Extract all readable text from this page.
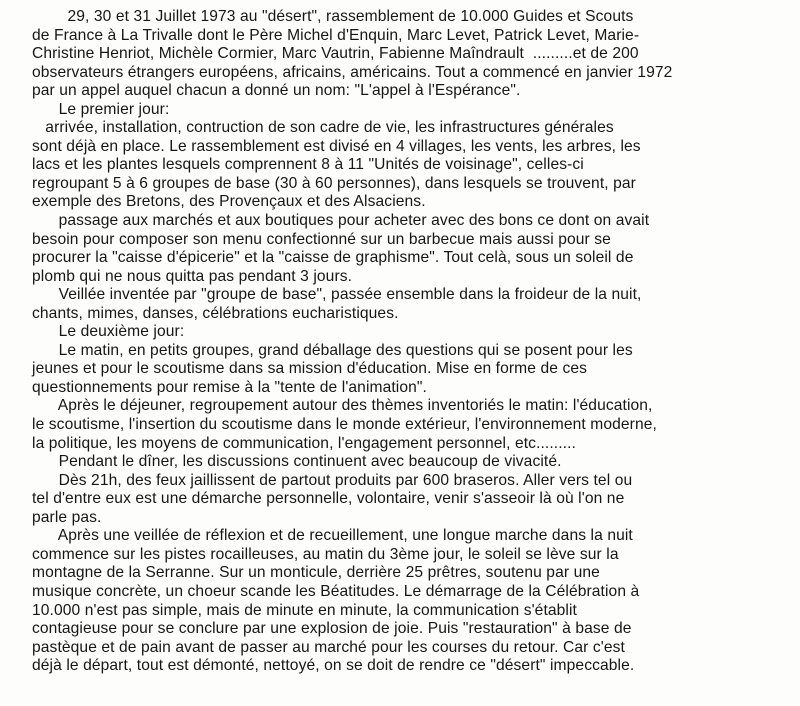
29, 30 et 31 Juillet 1973 au "désert", rassemblement de 10.000 Guides et Scouts
de France à La Trivalle dont le Père Michel d'Enquin, Marc Levet, Patrick Levet, Marie-
Christine Henriot, Michèle Cormier, Marc Vautrin, Fabienne Maîndrault  .........et de 200
observateurs étrangers européens, africains, américains. Tout a commencé en janvier 1972
par un appel auquel chacun a donné un nom: "L'appel à l'Espérance".
Le premier jour:
arrivée, installation, contruction de son cadre de vie, les infrastructures générales
sont déjà en place. Le rassemblement est divisé en 4 villages, les vents, les arbres, les
lacs et les plantes lesquels comprennent 8 à 11 "Unités de voisinage", celles-ci
regroupant 5 à 6 groupes de base (30 à 60 personnes), dans lesquels se trouvent, par
exemple des Bretons, des Provençaux et des Alsaciens.
passage aux marchés et aux boutiques pour acheter avec des bons ce dont on avait
besoin pour composer son menu confectionné sur un barbecue mais aussi pour se
procurer la "caisse d'épicerie" et la "caisse de graphisme". Tout celà, sous un soleil de
plomb qui ne nous quitta pas pendant 3 jours.
Veillée inventée par "groupe de base", passée ensemble dans la froideur de la nuit,
chants, mimes, danses, célébrations eucharistiques.
Le deuxième jour:
Le matin, en petits groupes, grand déballage des questions qui se posent pour les
jeunes et pour le scoutisme dans sa mission d'éducation. Mise en forme de ces
questionnements pour remise à la "tente de l'animation".
Après le déjeuner, regroupement autour des thèmes inventoriés le matin: l'éducation,
le scoutisme, l'insertion du scoutisme dans le monde extérieur, l'environnement moderne,
la politique, les moyens de communication, l'engagement personnel, etc.........
Pendant le dîner, les discussions continuent avec beaucoup de vivacité.
Dès 21h, des feux jaillissent de partout produits par 600 braseros. Aller vers tel ou
tel d'entre eux est une démarche personnelle, volontaire, venir s'asseoir là où l'on ne
parle pas.
Après une veillée de réflexion et de recueillement, une longue marche dans la nuit
commence sur les pistes rocailleuses, au matin du 3ème jour, le soleil se lève sur la
montagne de la Serranne. Sur un monticule, derrière 25 prêtres, soutenu par une
musique concrète, un choeur scande les Béatitudes. Le démarrage de la Célébration à
10.000 n'est pas simple, mais de minute en minute, la communication s'établit
contagieuse pour se conclure par une explosion de joie. Puis "restauration" à base de
pastèque et de pain avant de passer au marché pour les courses du retour. Car c'est
déjà le départ, tout est démonté, nettoyé, on se doit de rendre ce "désert" impeccable.
